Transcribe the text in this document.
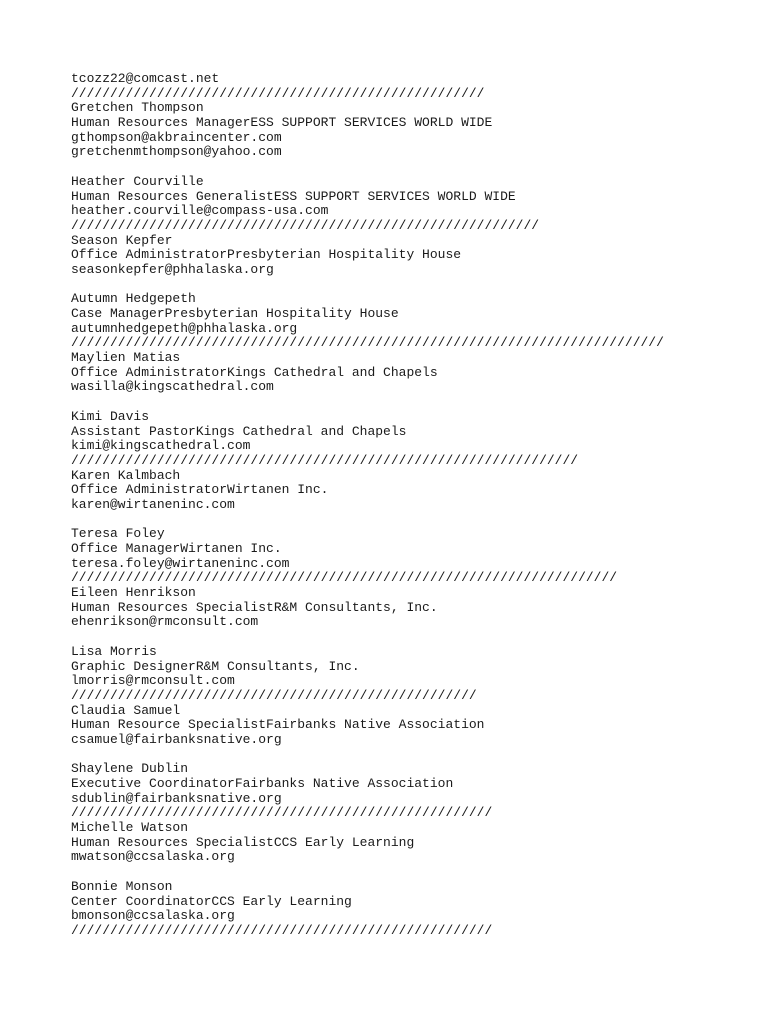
tcozz22@comcast.net
/////////////////////////////////////////////////////
Gretchen Thompson
Human Resources ManagerESS SUPPORT SERVICES WORLD WIDE
gthompson@akbraincenter.com
gretchenmthompson@yahoo.com
Heather Courville
Human Resources GeneralistESS SUPPORT SERVICES WORLD WIDE
heather.courville@compass-usa.com
////////////////////////////////////////////////////////////
Season Kepfer
Office AdministratorPresbyterian Hospitality House
seasonkepfer@phhalaska.org
Autumn Hedgepeth
Case ManagerPresbyterian Hospitality House
autumnhedgepeth@phhalaska.org
////////////////////////////////////////////////////////////////////////////
Maylien Matias
Office AdministratorKings Cathedral and Chapels
wasilla@kingscathedral.com
Kimi Davis
Assistant PastorKings Cathedral and Chapels
kimi@kingscathedral.com
/////////////////////////////////////////////////////////////////
Karen Kalmbach
Office AdministratorWirtanen Inc.
karen@wirtaneninc.com
Teresa Foley
Office ManagerWirtanen Inc.
teresa.foley@wirtaneninc.com
//////////////////////////////////////////////////////////////////////
Eileen Henrikson
Human Resources SpecialistR&M Consultants, Inc.
ehenrikson@rmconsult.com
Lisa Morris
Graphic DesignerR&M Consultants, Inc.
lmorris@rmconsult.com
////////////////////////////////////////////////////
Claudia Samuel
Human Resource SpecialistFairbanks Native Association
csamuel@fairbanksnative.org
Shaylene Dublin
Executive CoordinatorFairbanks Native Association
sdublin@fairbanksnative.org
//////////////////////////////////////////////////////
Michelle Watson
Human Resources SpecialistCCS Early Learning
mwatson@ccsalaska.org
Bonnie Monson
Center CoordinatorCCS Early Learning
bmonson@ccsalaska.org
//////////////////////////////////////////////////////
